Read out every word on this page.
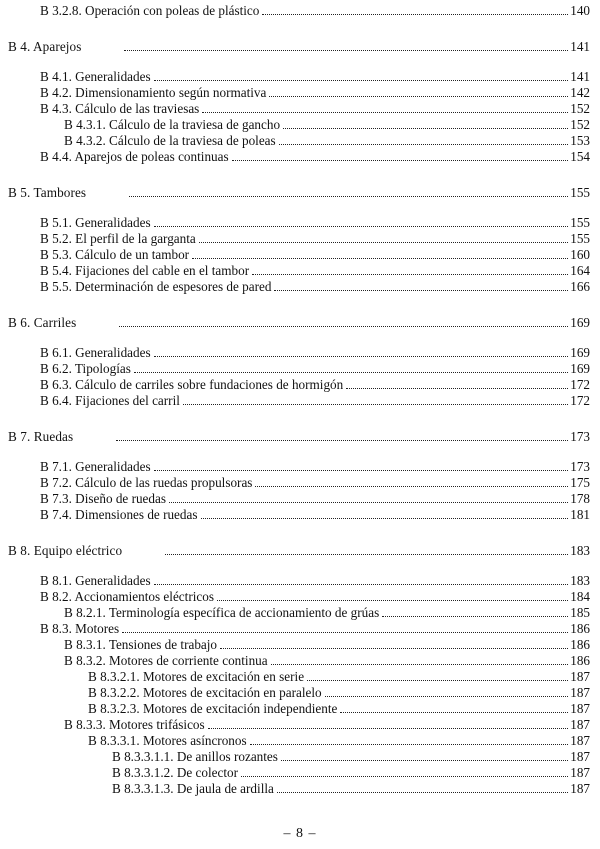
B 3.2.8. Operación con poleas de plástico	140
B 4. Aparejos	141
B 4.1. Generalidades	141
B 4.2. Dimensionamiento según normativa	142
B 4.3. Cálculo de las traviesas	152
B 4.3.1. Cálculo de la traviesa de gancho	152
B 4.3.2. Cálculo de la traviesa de poleas	153
B 4.4. Aparejos de poleas continuas	154
B 5. Tambores	155
B 5.1. Generalidades	155
B 5.2. El perfil de la garganta	155
B 5.3. Cálculo de un tambor	160
B 5.4. Fijaciones del cable en el tambor	164
B 5.5. Determinación de espesores de pared	166
B 6. Carriles	169
B 6.1. Generalidades	169
B 6.2. Tipologías	169
B 6.3. Cálculo de carriles sobre fundaciones de hormigón	172
B 6.4. Fijaciones del carril	172
B 7. Ruedas	173
B 7.1. Generalidades	173
B 7.2. Cálculo de las ruedas propulsoras	175
B 7.3. Diseño de ruedas	178
B 7.4. Dimensiones de ruedas	181
B 8. Equipo eléctrico	183
B 8.1. Generalidades	183
B 8.2. Accionamientos eléctricos	184
B 8.2.1. Terminología específica de accionamiento de grúas	185
B 8.3. Motores	186
B 8.3.1. Tensiones de trabajo	186
B 8.3.2. Motores de corriente continua	186
B 8.3.2.1. Motores de excitación en serie	187
B 8.3.2.2. Motores de excitación en paralelo	187
B 8.3.2.3. Motores de excitación independiente	187
B 8.3.3. Motores trifásicos	187
B 8.3.3.1. Motores asíncronos	187
B 8.3.3.1.1. De anillos rozantes	187
B 8.3.3.1.2. De colector	187
B 8.3.3.1.3. De jaula de ardilla	187
– 8 –
